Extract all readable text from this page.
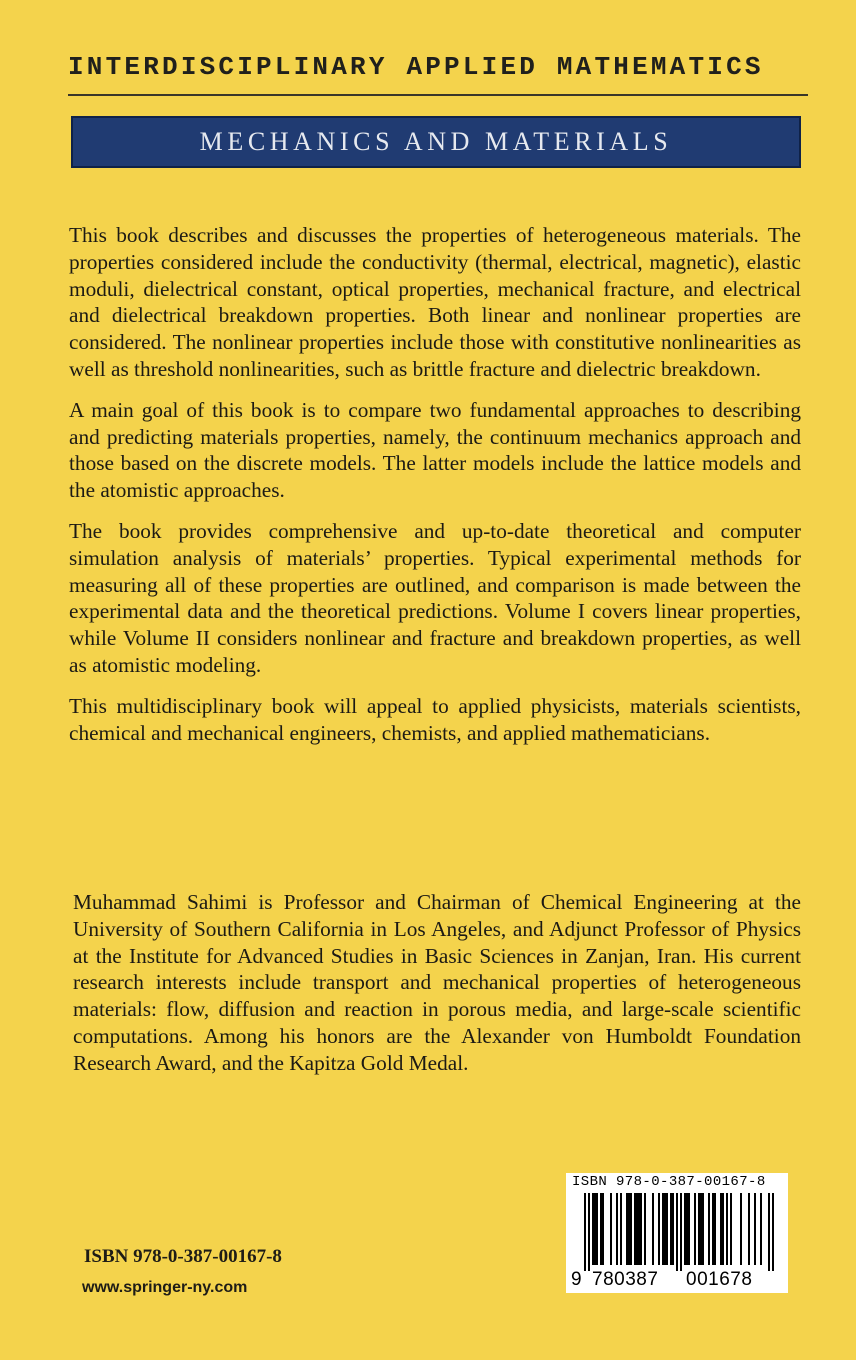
INTERDISCIPLINARY APPLIED MATHEMATICS
MECHANICS AND MATERIALS

This book describes and discusses the properties of heterogeneous materials. The properties considered include the conductivity (thermal, electrical, magnetic), elastic moduli, dielectrical constant, optical properties, mechanical fracture, and electrical and dielectrical breakdown properties. Both linear and nonlinear properties are considered. The nonlinear properties include those with constitutive nonlinearities as well as threshold nonlinearities, such as brittle fracture and dielectric breakdown.

A main goal of this book is to compare two fundamental approaches to describing and predicting materials properties, namely, the continuum mechanics approach and those based on the discrete models. The latter models include the lattice models and the atomistic approaches.

The book provides comprehensive and up-to-date theoretical and computer simulation analysis of materials’ properties. Typical experimental methods for measuring all of these properties are outlined, and comparison is made between the experimental data and the theoretical predictions. Volume I covers linear properties, while Volume II considers nonlinear and fracture and breakdown properties, as well as atomistic modeling.

This multidisciplinary book will appeal to applied physicists, materials scientists, chemical and mechanical engineers, chemists, and applied mathematicians.

Muhammad Sahimi is Professor and Chairman of Chemical Engineering at the University of Southern California in Los Angeles, and Adjunct Professor of Physics at the Institute for Advanced Studies in Basic Sciences in Zanjan, Iran. His current research interests include transport and mechanical properties of heterogeneous materials: flow, diffusion and reaction in porous media, and large-scale scientific computations. Among his honors are the Alexander von Humboldt Foundation Research Award, and the Kapitza Gold Medal.

ISBN 978-0-387-00167-8
www.springer-ny.com
ISBN 978-0-387-00167-8
9 780387 001678
